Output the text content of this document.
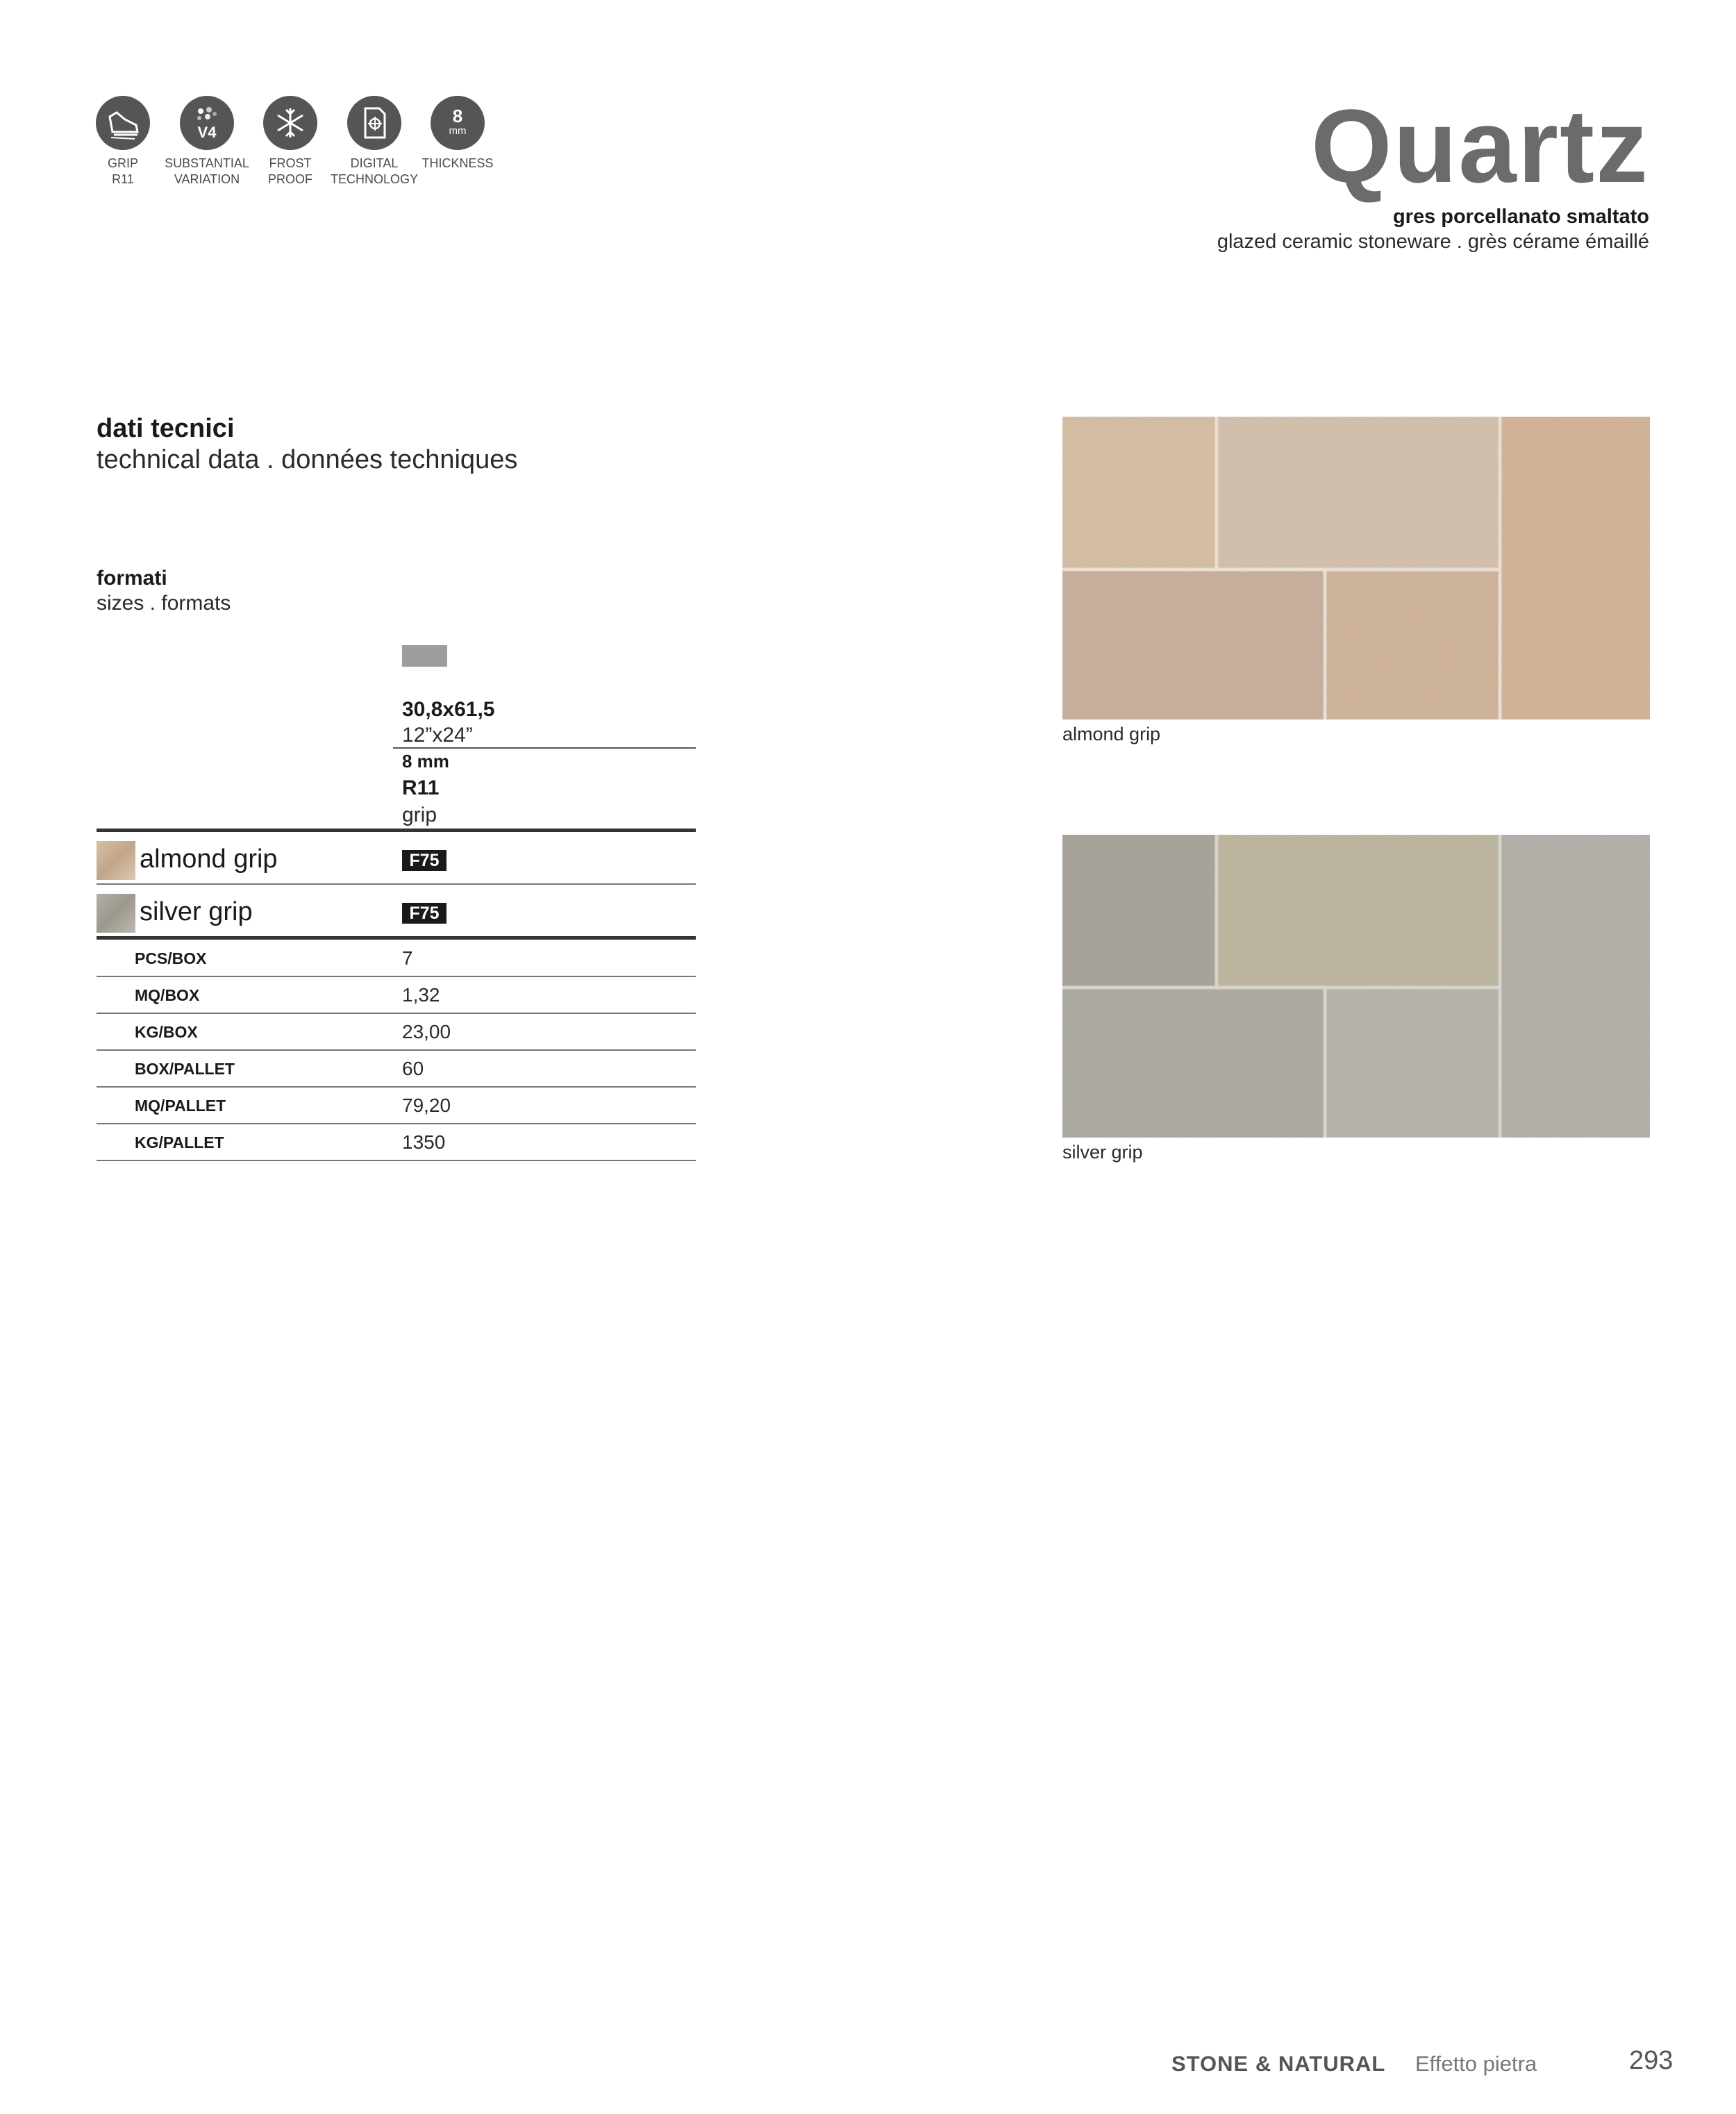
GRIP
R11
V4
SUBSTANTIAL
VARIATION
FROST
PROOF
DIGITAL
TECHNOLOGY
8
mm
THICKNESS	Quartz
gres porcellanato smaltato
glazed ceramic stoneware . grès cérame émaillé
dati tecnici
technical data . données techniques
formati
sizes . formats
30,8x61,5
12”x24”
8 mm
R11
grip
almond grip	F75
silver grip	F75
PCS/BOX	7
MQ/BOX	1,32
KG/BOX	23,00
BOX/PALLET	60
MQ/PALLET	79,20
KG/PALLET	1350
almond grip
silver grip
STONE & NATURAL Effetto pietra	293
